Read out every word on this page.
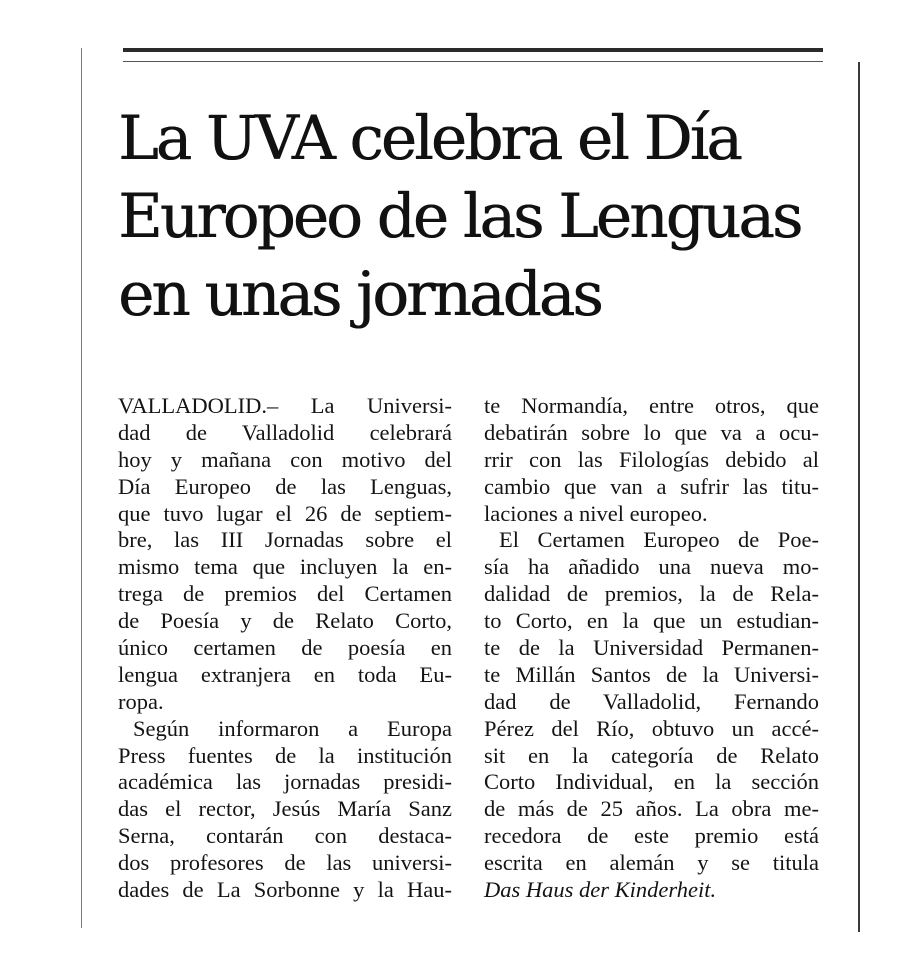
La UVA celebra el Día
Europeo de las Lenguas
en unas jornadas
VALLADOLID.– La Universi-
dad de Valladolid celebrará
hoy y mañana con motivo del
Día Europeo de las Lenguas,
que tuvo lugar el 26 de septiem-
bre, las III Jornadas sobre el
mismo tema que incluyen la en-
trega de premios del Certamen
de Poesía y de Relato Corto,
único certamen de poesía en
lengua extranjera en toda Eu-
ropa.
Según informaron a Europa
Press fuentes de la institución
académica las jornadas presidi-
das el rector, Jesús María Sanz
Serna, contarán con destaca-
dos profesores de las universi-
dades de La Sorbonne y la Hau-
te Normandía, entre otros, que
debatirán sobre lo que va a ocu-
rrir con las Filologías debido al
cambio que van a sufrir las titu-
laciones a nivel europeo.
El Certamen Europeo de Poe-
sía ha añadido una nueva mo-
dalidad de premios, la de Rela-
to Corto, en la que un estudian-
te de la Universidad Permanen-
te Millán Santos de la Universi-
dad de Valladolid, Fernando
Pérez del Río, obtuvo un accé-
sit en la categoría de Relato
Corto Individual, en la sección
de más de 25 años. La obra me-
recedora de este premio está
escrita en alemán y se titula
Das Haus der Kinderheit.
